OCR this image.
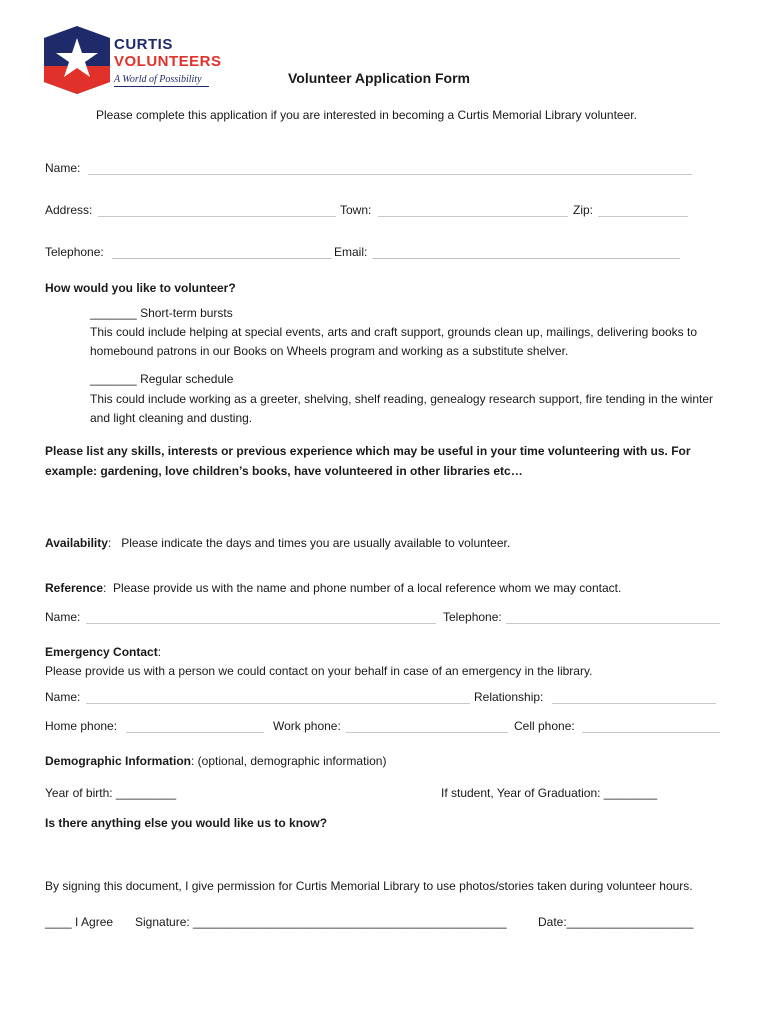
CURTIS
VOLUNTEERS
A World of Possibility	Volunteer Application Form
Please complete this application if you are interested in becoming a Curtis Memorial Library volunteer.
Name:
Address:	Town:	Zip:
Telephone:	Email:
How would you like to volunteer?
_______ Short-term bursts
This could include helping at special events, arts and craft support, grounds clean up, mailings, delivering books to homebound patrons in our Books on Wheels program and working as a substitute shelver.
_______ Regular schedule
This could include working as a greeter, shelving, shelf reading, genealogy research support, fire tending in the winter and light cleaning and dusting.
Please list any skills, interests or previous experience which may be useful in your time volunteering with us. For example: gardening, love children’s books, have volunteered in other libraries etc…
Availability:   Please indicate the days and times you are usually available to volunteer.
Reference:  Please provide us with the name and phone number of a local reference whom we may contact.
Name:	Telephone:
Emergency Contact:
Please provide us with a person we could contact on your behalf in case of an emergency in the library.
Name:	Relationship:
Home phone:	Work phone:	Cell phone:
Demographic Information: (optional, demographic information)
Year of birth: _________	If student, Year of Graduation: ________
Is there anything else you would like us to know?
By signing this document, I give permission for Curtis Memorial Library to use photos/stories taken during volunteer hours.
____ I Agree Signature: _______________________________________________	Date:___________________
